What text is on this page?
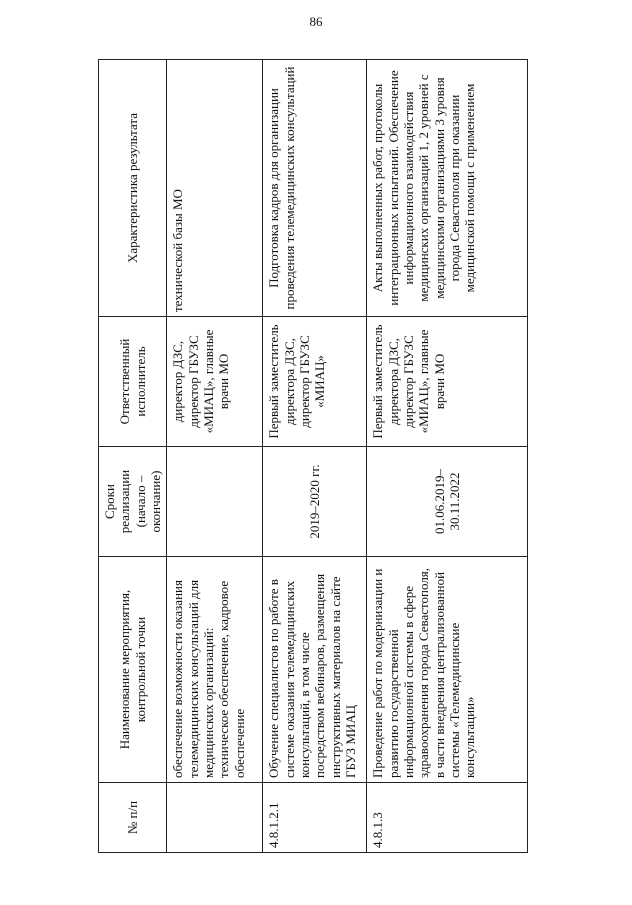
86
№ п/п	Наименование мероприятия, контрольной точки	Сроки реализации (начало – окончание)	Ответственный исполнитель	Характеристика результата
	обеспечение возможности оказания телемедицинских консультаций для медицинских организаций: техническое обеспечение, кадровое обеспечение		директор ДЗС, директор ГБУЗС «МИАЦ», главные врачи МО	технической базы МО
4.8.1.2.1	Обучение специалистов по работе в системе оказания телемедицинских консультаций, в том числе посредством вебинаров, размещения инструктивных материалов на сайте ГБУЗ МИАЦ	2019–2020 гг.	Первый заместитель директора ДЗС, директор ГБУЗС «МИАЦ»	Подготовка кадров для организации проведения телемедицинских консультаций
4.8.1.3	Проведение работ по модернизации и развитию государственной информационной системы в сфере здравоохранения города Севастополя, в части внедрения централизованной системы «Телемедицинские консультации»	01.06.2019– 30.11.2022	Первый заместитель директора ДЗС, директор ГБУЗС «МИАЦ», главные врачи МО	Акты выполненных работ, протоколы интеграционных испытаний. Обеспечение информационного взаимодействия медицинских организаций 1, 2 уровней с медицинскими организациями 3 уровня города Севастополя при оказании медицинской помощи с применением
